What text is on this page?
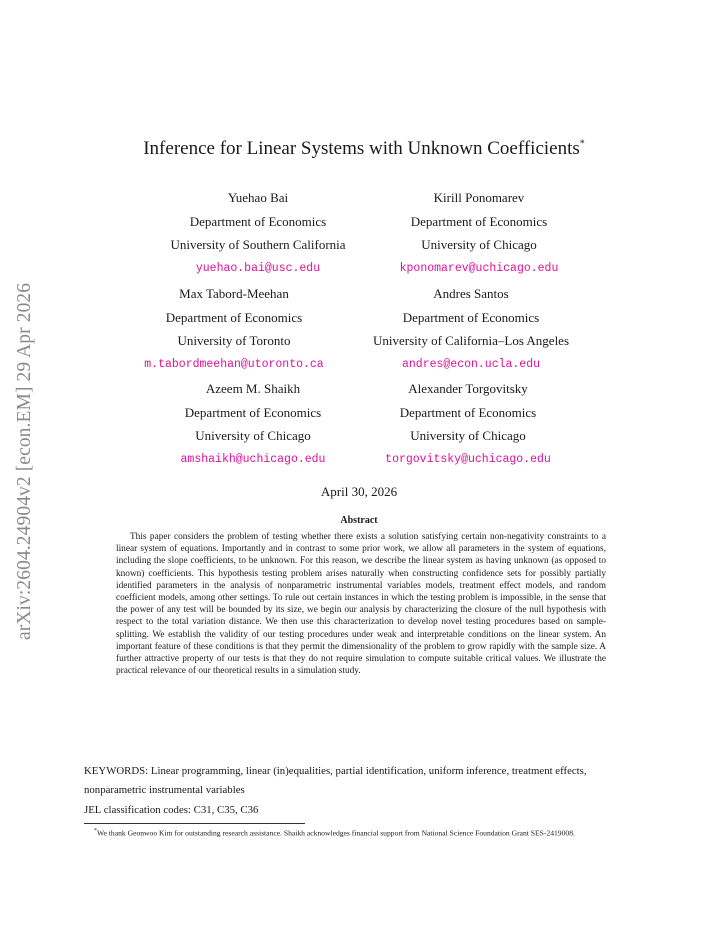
arXiv:2604.24904v2 [econ.EM] 29 Apr 2026
Inference for Linear Systems with Unknown Coefficients*
Yuehao Bai
Department of Economics
University of Southern California
yuehao.bai@usc.edu
Kirill Ponomarev
Department of Economics
University of Chicago
kponomarev@uchicago.edu
Max Tabord-Meehan
Department of Economics
University of Toronto
m.tabordmeehan@utoronto.ca
Andres Santos
Department of Economics
University of California–Los Angeles
andres@econ.ucla.edu
Azeem M. Shaikh
Department of Economics
University of Chicago
amshaikh@uchicago.edu
Alexander Torgovitsky
Department of Economics
University of Chicago
torgovitsky@uchicago.edu
April 30, 2026
Abstract
This paper considers the problem of testing whether there exists a solution satisfying certain non-negativity constraints to a linear system of equations. Importantly and in contrast to some prior work, we allow all parameters in the system of equations, including the slope coefficients, to be unknown. For this reason, we describe the linear system as having unknown (as opposed to known) coefficients. This hypothesis testing problem arises naturally when constructing confidence sets for possibly partially identified parameters in the analysis of nonparametric instrumental variables models, treatment effect models, and random coefficient models, among other settings. To rule out certain instances in which the testing problem is impossible, in the sense that the power of any test will be bounded by its size, we begin our analysis by characterizing the closure of the null hypothesis with respect to the total variation distance. We then use this characterization to develop novel testing procedures based on sample-splitting. We establish the validity of our testing procedures under weak and interpretable conditions on the linear system. An important feature of these conditions is that they permit the dimensionality of the problem to grow rapidly with the sample size. A further attractive property of our tests is that they do not require simulation to compute suitable critical values. We illustrate the practical relevance of our theoretical results in a simulation study.
KEYWORDS: Linear programming, linear (in)equalities, partial identification, uniform inference, treatment effects, nonparametric instrumental variables
JEL classification codes: C31, C35, C36
*We thank Geonwoo Kim for outstanding research assistance. Shaikh acknowledges financial support from National Science Foundation Grant SES-2419008.
